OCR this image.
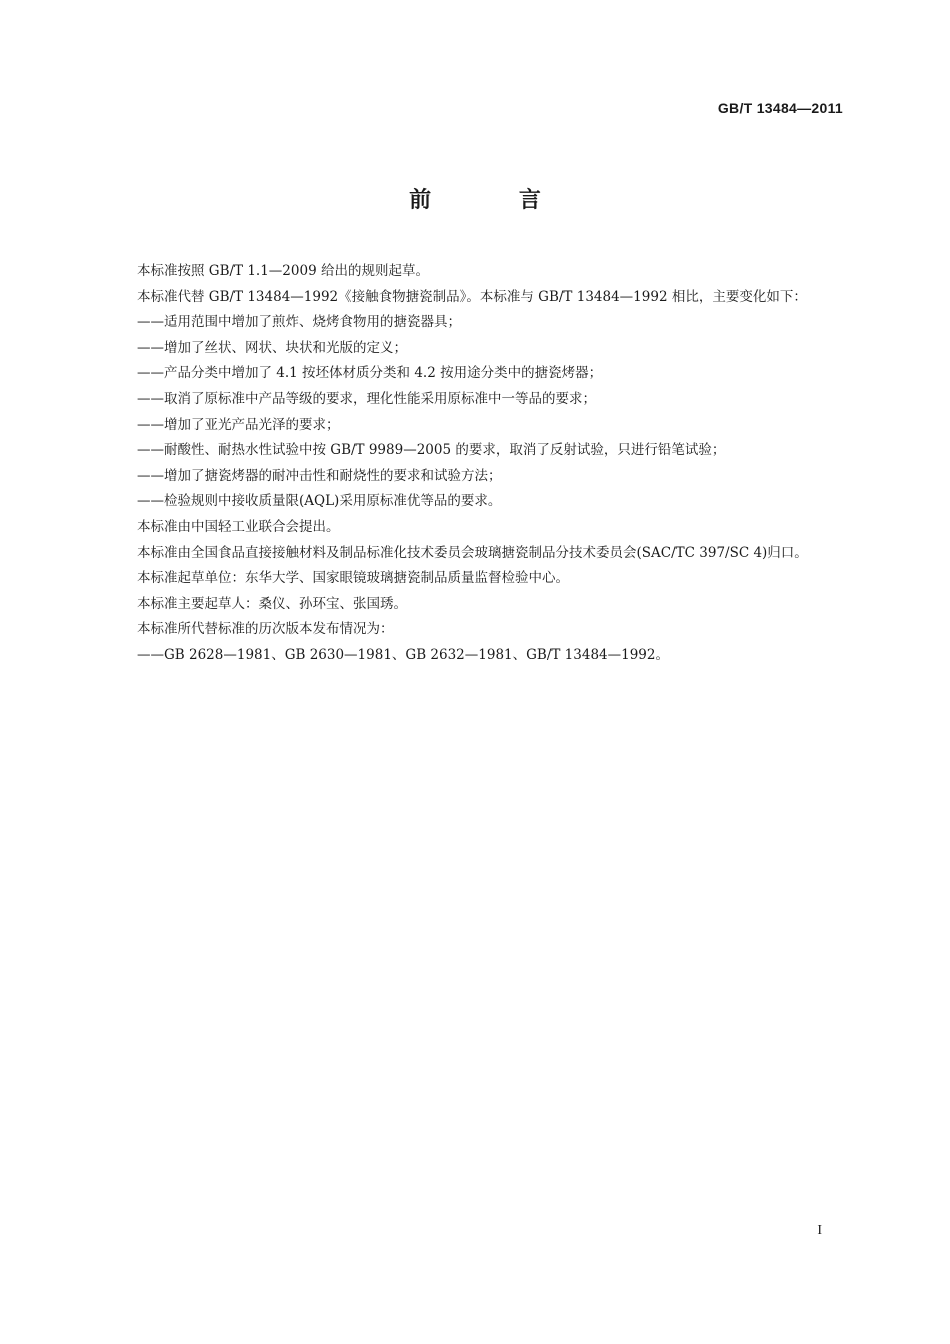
GB/T 13484—2011
前 言

本标准按照 GB/T 1.1—2009 给出的规则起草。

本标准代替 GB/T 13484—1992《接触食物搪瓷制品》。本标准与 GB/T 13484—1992 相比，主要变化如下：

——适用范围中增加了煎炸、烧烤食物用的搪瓷器具；

——增加了丝状、网状、块状和光版的定义；

——产品分类中增加了 4.1 按坯体材质分类和 4.2 按用途分类中的搪瓷烤器；

——取消了原标准中产品等级的要求，理化性能采用原标准中一等品的要求；

——增加了亚光产品光泽的要求；

——耐酸性、耐热水性试验中按 GB/T 9989—2005 的要求，取消了反射试验，只进行铅笔试验；

——增加了搪瓷烤器的耐冲击性和耐烧性的要求和试验方法；

——检验规则中接收质量限(AQL)采用原标准优等品的要求。

本标准由中国轻工业联合会提出。

本标准由全国食品直接接触材料及制品标准化技术委员会玻璃搪瓷制品分技术委员会(SAC/TC 397/SC 4)归口。

本标准起草单位：东华大学、国家眼镜玻璃搪瓷制品质量监督检验中心。

本标准主要起草人：桑仪、孙环宝、张国琇。

本标准所代替标准的历次版本发布情况为：

——GB 2628—1981、GB 2630—1981、GB 2632—1981、GB/T 13484—1992。

I
